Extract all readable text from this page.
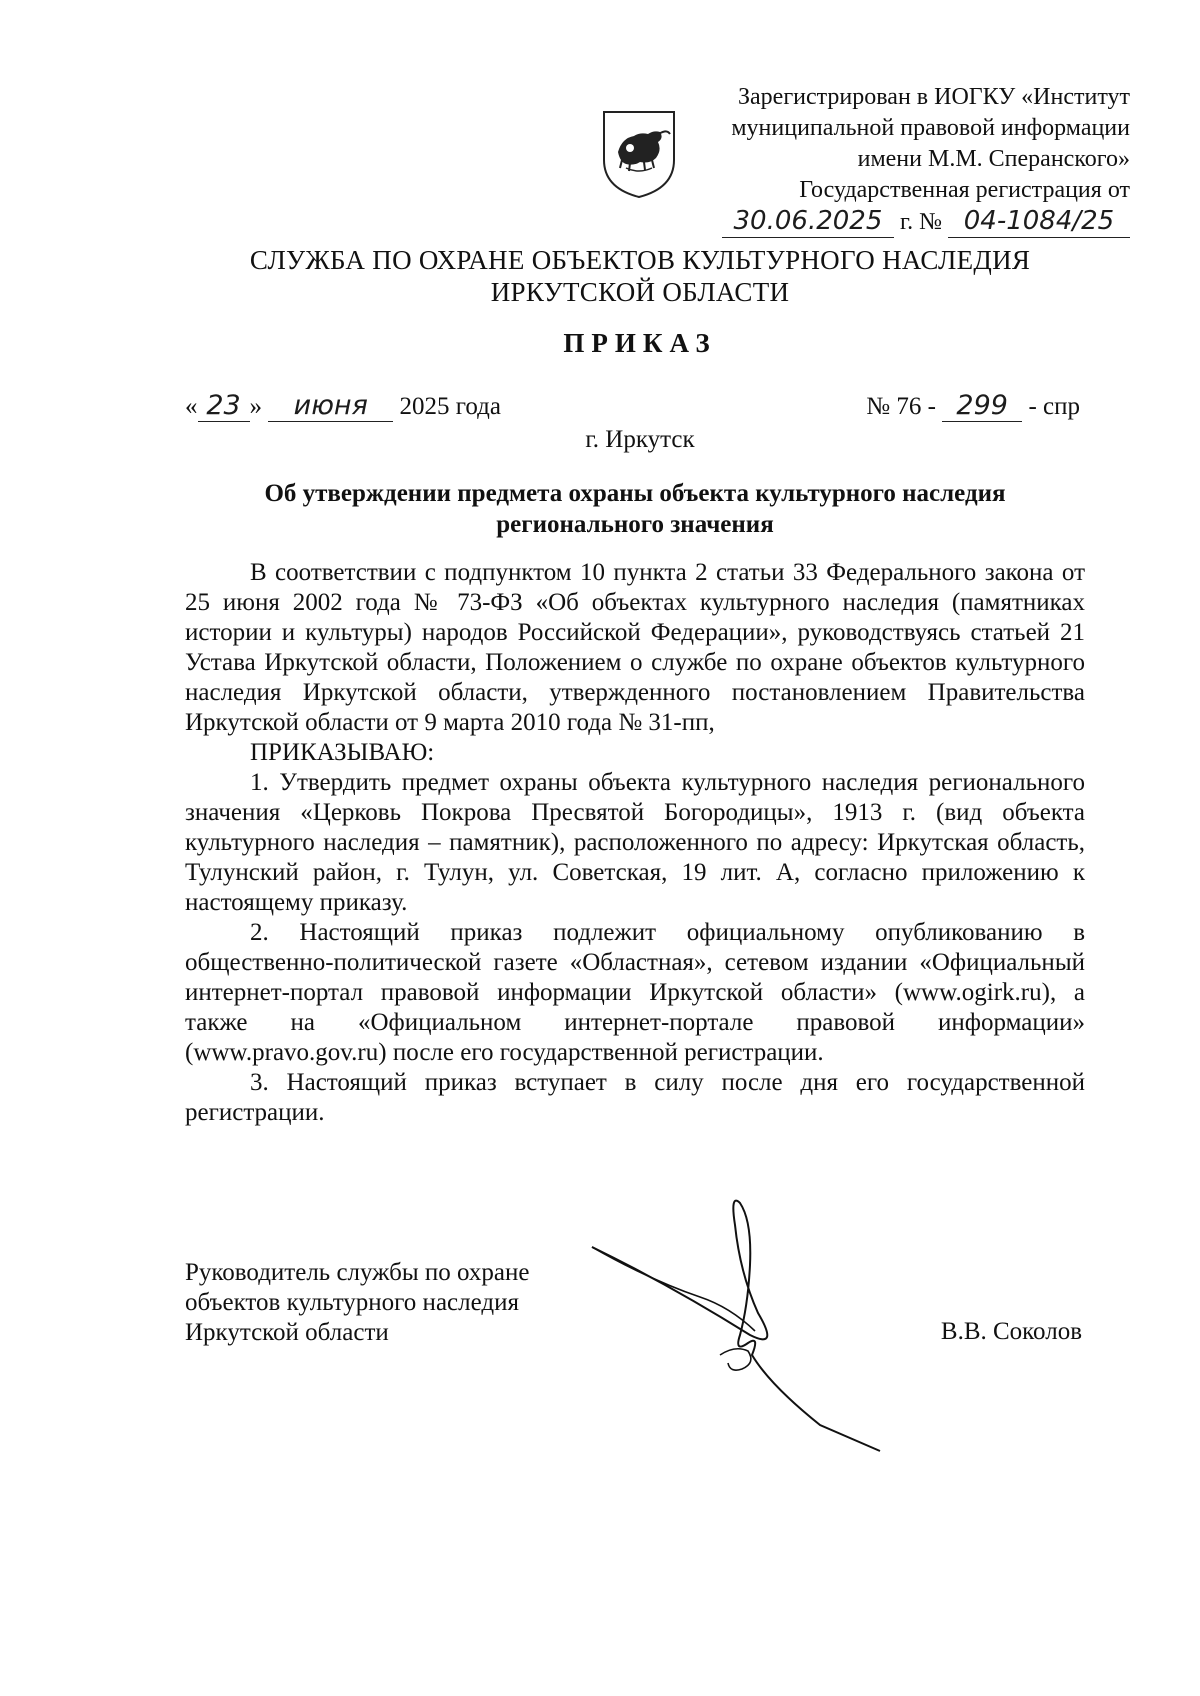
Зарегистрирован в ИОГКУ «Институт
муниципальной правовой информации
имени М.М. Сперанского»
Государственная регистрация от
30.06.2025 г. № 04-1084/25
СЛУЖБА ПО ОХРАНЕ ОБЪЕКТОВ КУЛЬТУРНОГО НАСЛЕДИЯ
ИРКУТСКОЙ ОБЛАСТИ
ПРИКАЗ
« 23 » июня 2025 года	№ 76 - 299 - спр
г. Иркутск
Об утверждении предмета охраны объекта культурного наследия
регионального значения

В соответствии с подпунктом 10 пункта 2 статьи 33 Федерального закона от 25 июня 2002 года № 73-ФЗ «Об объектах культурного наследия (памятниках истории и культуры) народов Российской Федерации», руководствуясь статьей 21 Устава Иркутской области, Положением о службе по охране объектов культурного наследия Иркутской области, утвержденного постановлением Правительства Иркутской области от 9 марта 2010 года № 31-пп,

ПРИКАЗЫВАЮ:

1. Утвердить предмет охраны объекта культурного наследия регионального значения «Церковь Покрова Пресвятой Богородицы», 1913 г. (вид объекта культурного наследия – памятник), расположенного по адресу: Иркутская область, Тулунский район, г. Тулун, ул. Советская, 19 лит. А, согласно приложению к настоящему приказу.

2. Настоящий приказ подлежит официальному опубликованию в общественно-политической газете «Областная», сетевом издании «Официальный интернет-портал правовой информации Иркутской области» (www.ogirk.ru), а также на «Официальном интернет-портале правовой информации» (www.pravo.gov.ru) после его государственной регистрации.

3. Настоящий приказ вступает в силу после дня его государственной регистрации.

Руководитель службы по охране
объектов культурного наследия
Иркутской области	В.В. Соколов
